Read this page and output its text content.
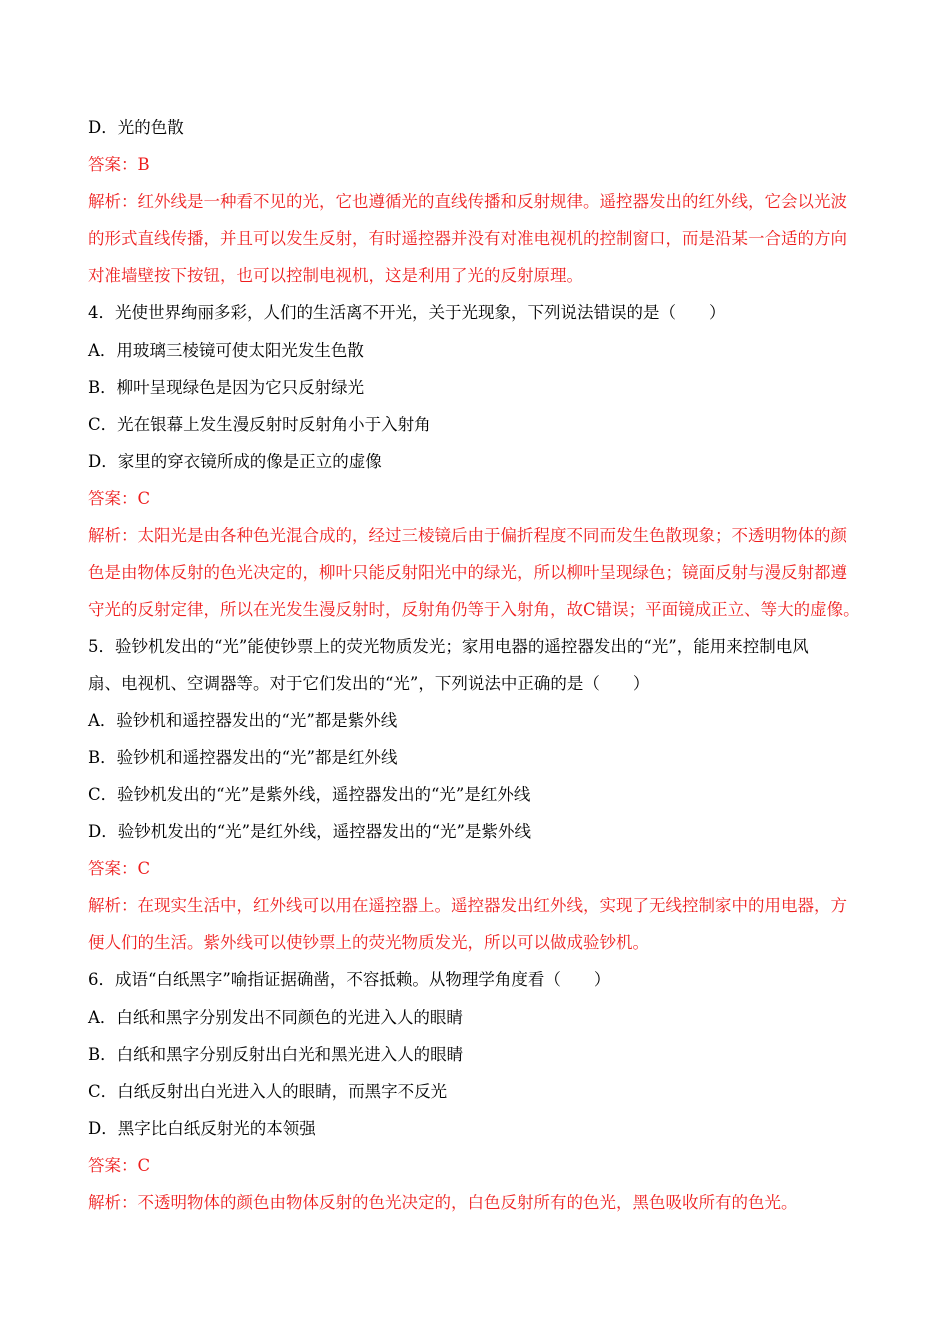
D．光的色散
答案：B
解析：红外线是一种看不见的光，它也遵循光的直线传播和反射规律。遥控器发出的红外线，它会以光波
的形式直线传播，并且可以发生反射，有时遥控器并没有对准电视机的控制窗口，而是沿某一合适的方向
对准墙壁按下按钮，也可以控制电视机，这是利用了光的反射原理。
4．光使世界绚丽多彩，人们的生活离不开光，关于光现象，下列说法错误的是（　　）
A．用玻璃三棱镜可使太阳光发生色散
B．柳叶呈现绿色是因为它只反射绿光
C．光在银幕上发生漫反射时反射角小于入射角
D．家里的穿衣镜所成的像是正立的虚像
答案：C
解析：太阳光是由各种色光混合成的，经过三棱镜后由于偏折程度不同而发生色散现象；不透明物体的颜
色是由物体反射的色光决定的，柳叶只能反射阳光中的绿光，所以柳叶呈现绿色；镜面反射与漫反射都遵
守光的反射定律，所以在光发生漫反射时，反射角仍等于入射角，故C错误；平面镜成正立、等大的虚像。
5．验钞机发出的“光”能使钞票上的荧光物质发光；家用电器的遥控器发出的“光”，能用来控制电风
扇、电视机、空调器等。对于它们发出的“光”，下列说法中正确的是（　　）
A．验钞机和遥控器发出的“光”都是紫外线
B．验钞机和遥控器发出的“光”都是红外线
C．验钞机发出的“光”是紫外线，遥控器发出的“光”是红外线
D．验钞机发出的“光”是红外线，遥控器发出的“光”是紫外线
答案：C
解析：在现实生活中，红外线可以用在遥控器上。遥控器发出红外线，实现了无线控制家中的用电器，方
便人们的生活。紫外线可以使钞票上的荧光物质发光，所以可以做成验钞机。
6．成语“白纸黑字”喻指证据确凿，不容抵赖。从物理学角度看（　　）
A．白纸和黑字分别发出不同颜色的光进入人的眼睛
B．白纸和黑字分别反射出白光和黑光进入人的眼睛
C．白纸反射出白光进入人的眼睛，而黑字不反光
D．黑字比白纸反射光的本领强
答案：C
解析：不透明物体的颜色由物体反射的色光决定的，白色反射所有的色光，黑色吸收所有的色光。
